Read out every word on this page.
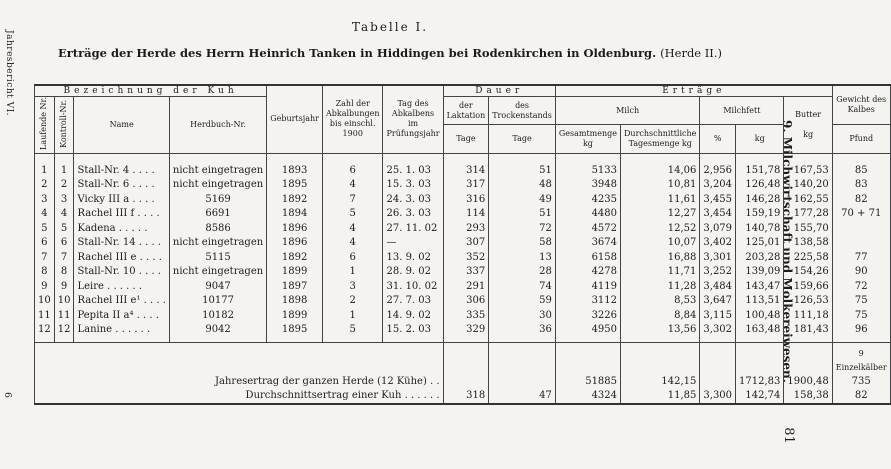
Jahresbericht VI.
6
9. Milchwirtschaft und Molkereiwesen.
81
Tabelle I.
Erträge der Herde des Herrn Heinrich Tanken in Hiddingen bei Rodenkirchen in Oldenburg. (Herde II.)
Bezeichnung der Kuh				Geburtsjahr	Zahl der Abkalbungen bis einschl. 1900	Tag des Abkalbens im Prüfungsjahr	Dauer		Erträge					Gewicht des Kalbes
Laufende Nr.	Kontroll-Nr.	Name	Herdbuch-Nr.				der Laktation	des Trockenstands	Milch		Milchfett		Butter

kg	
							Tage	Tage	Gesamtmenge
kg	Durchschnittliche Tagesmenge kg	%	kg		Pfund
1	1	Stall-Nr. 4 . . . .	nicht eingetragen	1893	6	25. 1. 03	314	51	5133	14,06	2,956	151,78	167,53	85
2	2	Stall-Nr. 6 . . . .	nicht eingetragen	1895	4	15. 3. 03	317	48	3948	10,81	3,204	126,48	140,20	83
3	3	Vicky III a . . . .	5169	1892	7	24. 3. 03	316	49	4235	11,61	3,455	146,28	162,55	82
4	4	Rachel III f . . . .	6691	1894	5	26. 3. 03	114	51	4480	12,27	3,454	159,19	177,28	70 + 71
5	5	Kadena . . . . .	8586	1896	4	27. 11. 02	293	72	4572	12,52	3,079	140,78	155,70	
6	6	Stall-Nr. 14 . . . .	nicht eingetragen	1896	4	—	307	58	3674	10,07	3,402	125,01	138,58	
7	7	Rachel III e . . . .	5115	1892	6	13. 9. 02	352	13	6158	16,88	3,301	203,28	225,58	77
8	8	Stall-Nr. 10 . . . .	nicht eingetragen	1899	1	28. 9. 02	337	28	4278	11,71	3,252	139,09	154,26	90
9	9	Leire . . . . . .	9047	1897	3	31. 10. 02	291	74	4119	11,28	3,484	143,47	159,66	72
10	10	Rachel III e¹ . . . .	10177	1898	2	27. 7. 03	306	59	3112	8,53	3,647	113,51	126,53	75
11	11	Pepita II a⁴ . . . .	10182	1899	1	14. 9. 02	335	30	3226	8,84	3,115	100,48	111,18	75
12	12	Lanine . . . . . .	9042	1895	5	15. 2. 03	329	36	4950	13,56	3,302	163,48	181,43	96
														9 Einzelkälber
Jahresertrag der ganzen Herde (12 Kühe) . .									51885	142,15		1712,83	1900,48	735
Durchschnittsertrag einer Kuh . . . . . .							318	47	4324	11,85	3,300	142,74	158,38	82
